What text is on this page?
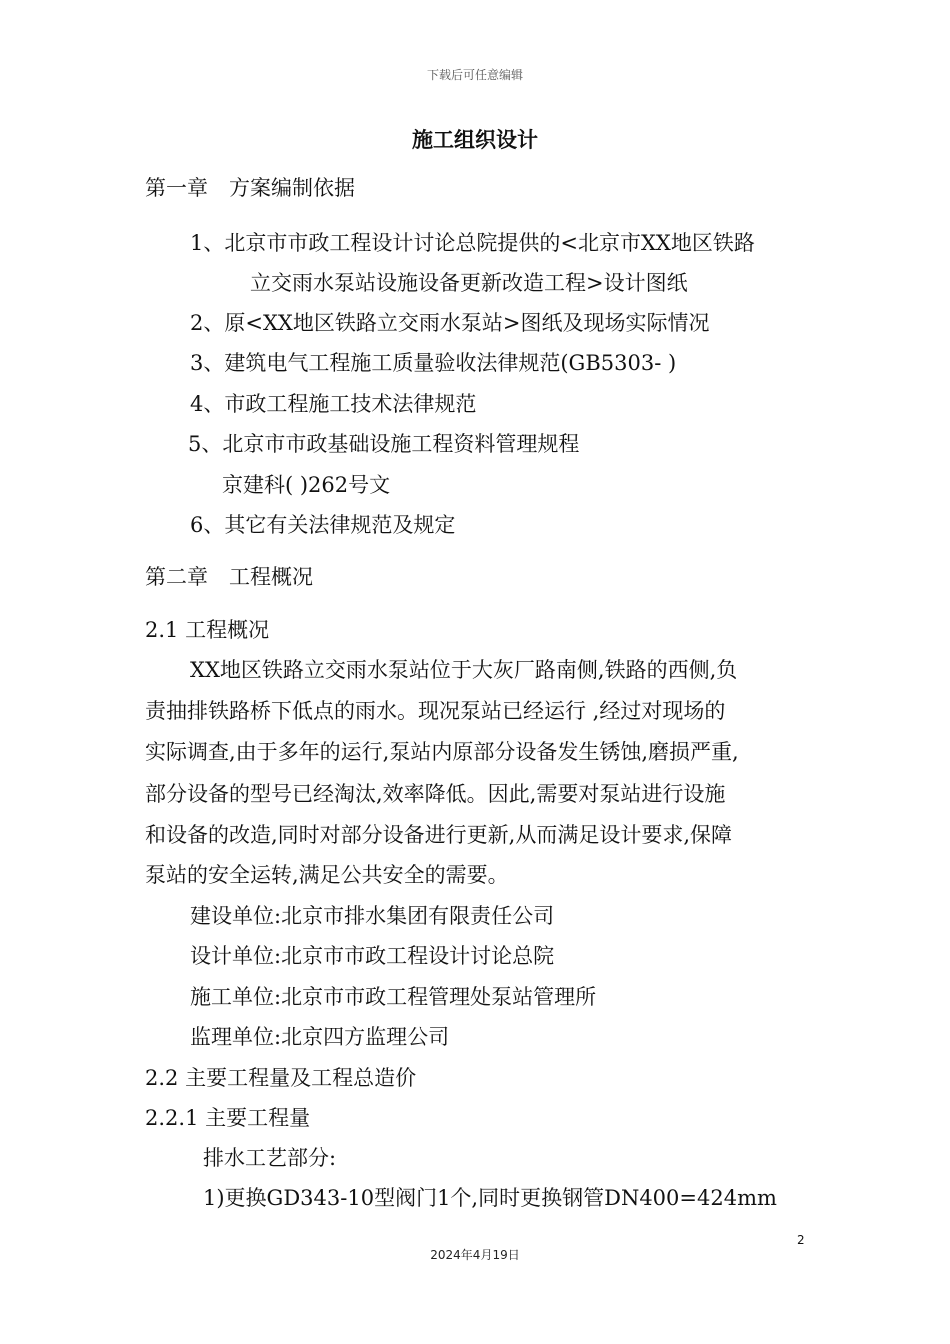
下载后可任意编辑
施工组织设计
第一章　方案编制依据
1、北京市市政工程设计讨论总院提供的<北京市XX地区铁路
立交雨水泵站设施设备更新改造工程>设计图纸
2、原<XX地区铁路立交雨水泵站>图纸及现场实际情况
3、建筑电气工程施工质量验收法律规范(GB5303- )
4、市政工程施工技术法律规范
5、北京市市政基础设施工程资料管理规程
京建科( )262号文
6、其它有关法律规范及规定
第二章　工程概况
2.1 工程概况
XX地区铁路立交雨水泵站位于大灰厂路南侧,铁路的西侧,负
责抽排铁路桥下低点的雨水。现况泵站已经运行 ,经过对现场的
实际调查,由于多年的运行,泵站内原部分设备发生锈蚀,磨损严重,
部分设备的型号已经淘汰,效率降低。因此,需要对泵站进行设施
和设备的改造,同时对部分设备进行更新,从而满足设计要求,保障
泵站的安全运转,满足公共安全的需要。
建设单位:北京市排水集团有限责任公司
设计单位:北京市市政工程设计讨论总院
施工单位:北京市市政工程管理处泵站管理所
监理单位:北京四方监理公司
2.2 主要工程量及工程总造价
2.2.1 主要工程量
排水工艺部分:
1)更换GD343-10型阀门1个,同时更换钢管DN400=424mm
2
2024年4月19日
